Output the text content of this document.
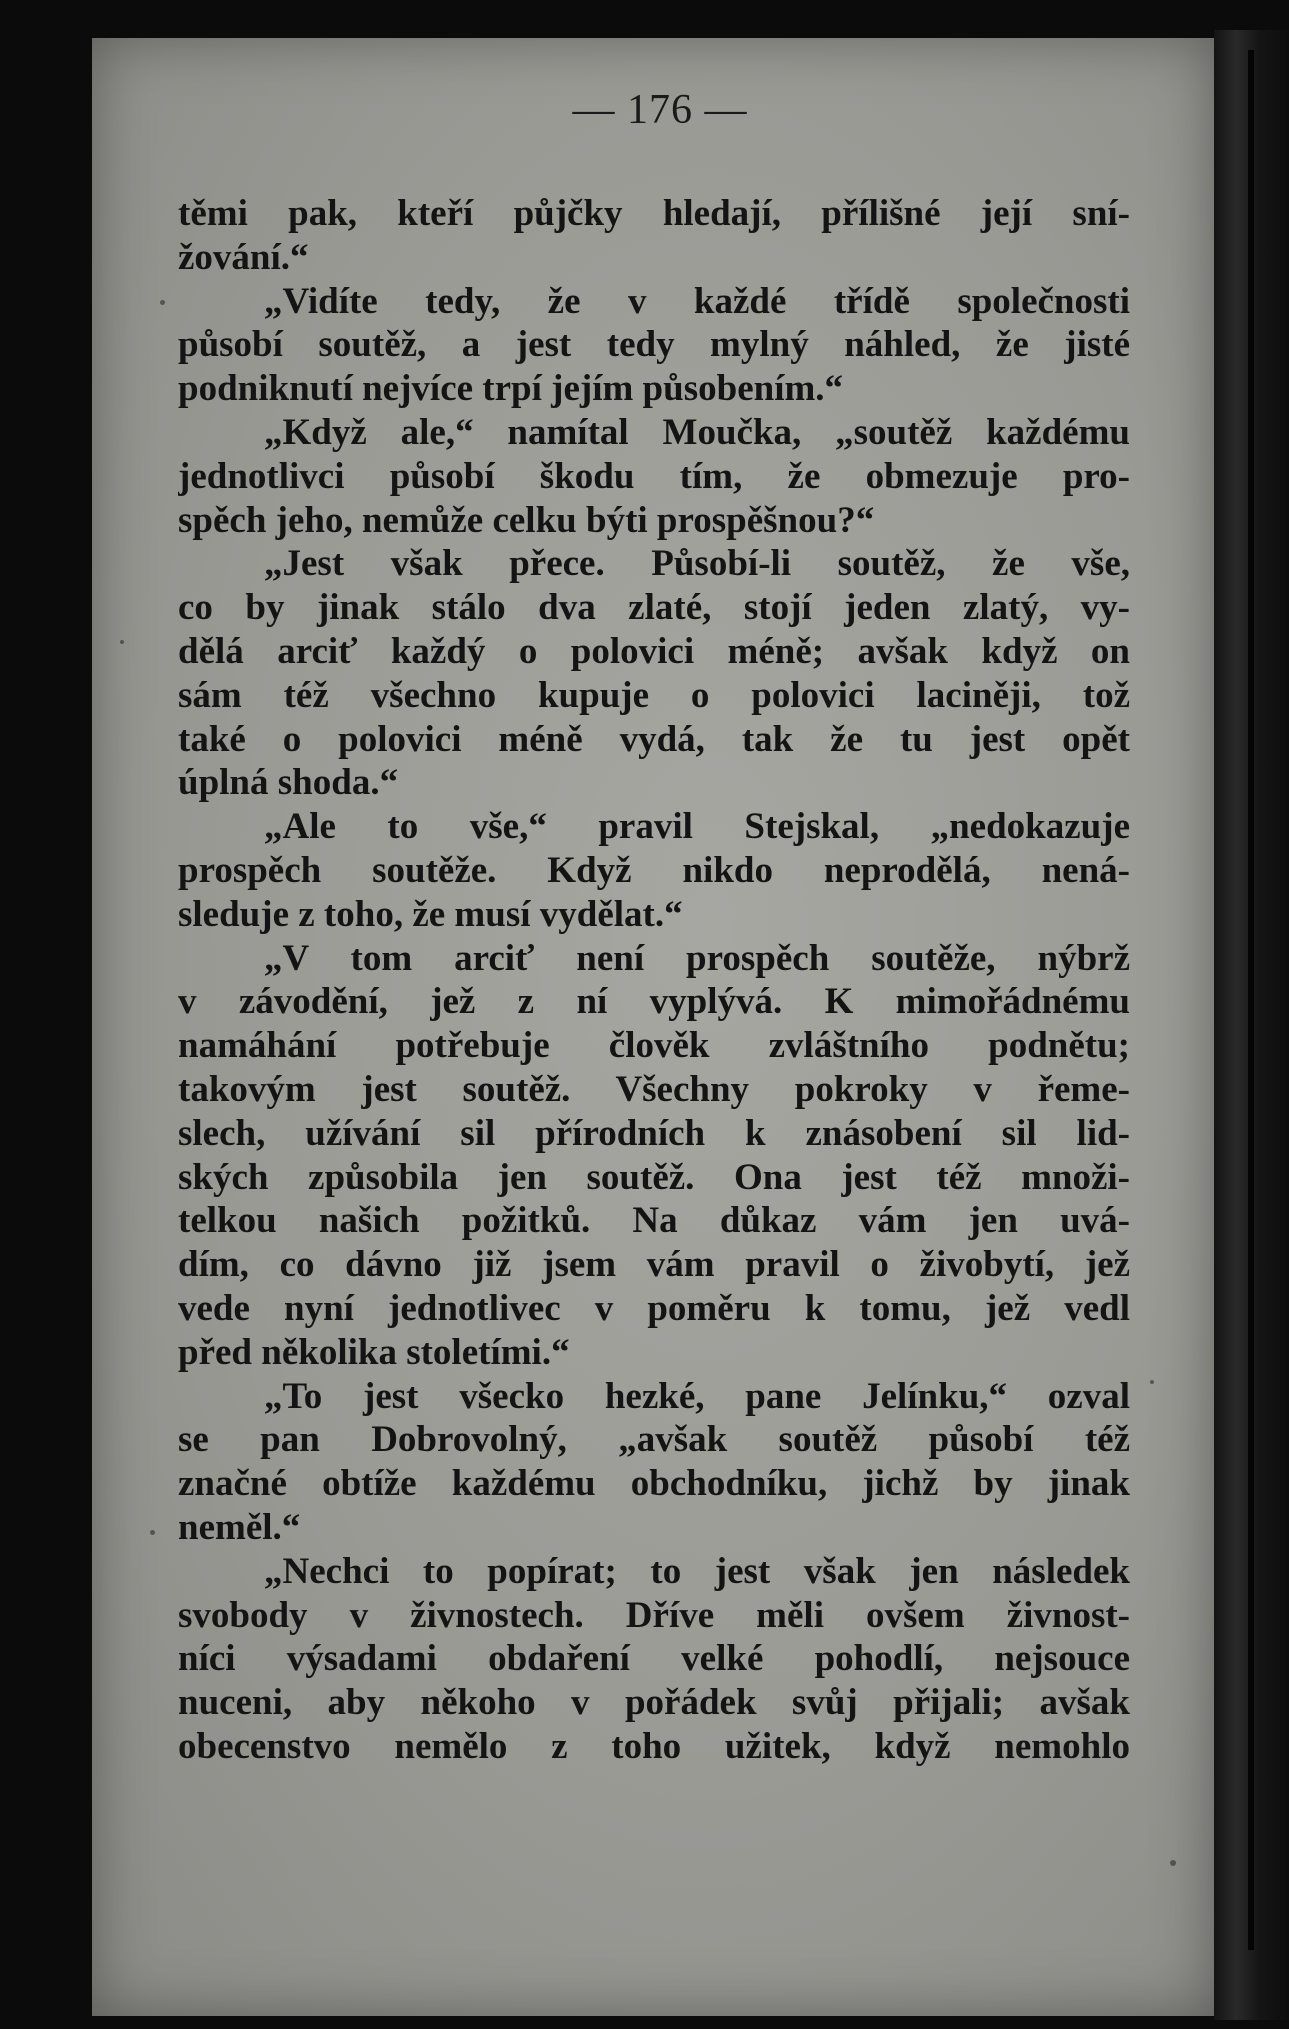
— 176 —
těmi pak, kteří půjčky hledají, přílišné její sní-
žování.“
„Vidíte tedy, že v každé třídě společnosti
působí soutěž, a jest tedy mylný náhled, že jisté
podniknutí nejvíce trpí jejím působením.“
„Když ale,“ namítal Moučka, „soutěž každému
jednotlivci působí škodu tím, že obmezuje pro-
spěch jeho, nemůže celku býti prospěšnou?“
„Jest však přece. Působí-li soutěž, že vše,
co by jinak stálo dva zlaté, stojí jeden zlatý, vy-
dělá arciť každý o polovici méně; avšak když on
sám též všechno kupuje o polovici laciněji, tož
také o polovici méně vydá, tak že tu jest opět
úplná shoda.“
„Ale to vše,“ pravil Stejskal, „nedokazuje
prospěch soutěže. Když nikdo neprodělá, nená-
sleduje z toho, že musí vydělat.“
„V tom arciť není prospěch soutěže, nýbrž
v závodění, jež z ní vyplývá. K mimořádnému
namáhání potřebuje člověk zvláštního podnětu;
takovým jest soutěž. Všechny pokroky v řeme-
slech, užívání sil přírodních k znásobení sil lid-
ských způsobila jen soutěž. Ona jest též množi-
telkou našich požitků. Na důkaz vám jen uvá-
dím, co dávno již jsem vám pravil o živobytí, jež
vede nyní jednotlivec v poměru k tomu, jež vedl
před několika stoletími.“
„To jest všecko hezké, pane Jelínku,“ ozval
se pan Dobrovolný, „avšak soutěž působí též
značné obtíže každému obchodníku, jichž by jinak
neměl.“
„Nechci to popírat; to jest však jen následek
svobody v živnostech. Dříve měli ovšem živnost-
níci výsadami obdaření velké pohodlí, nejsouce
nuceni, aby někoho v pořádek svůj přijali; avšak
obecenstvo nemělo z toho užitek, když nemohlo
